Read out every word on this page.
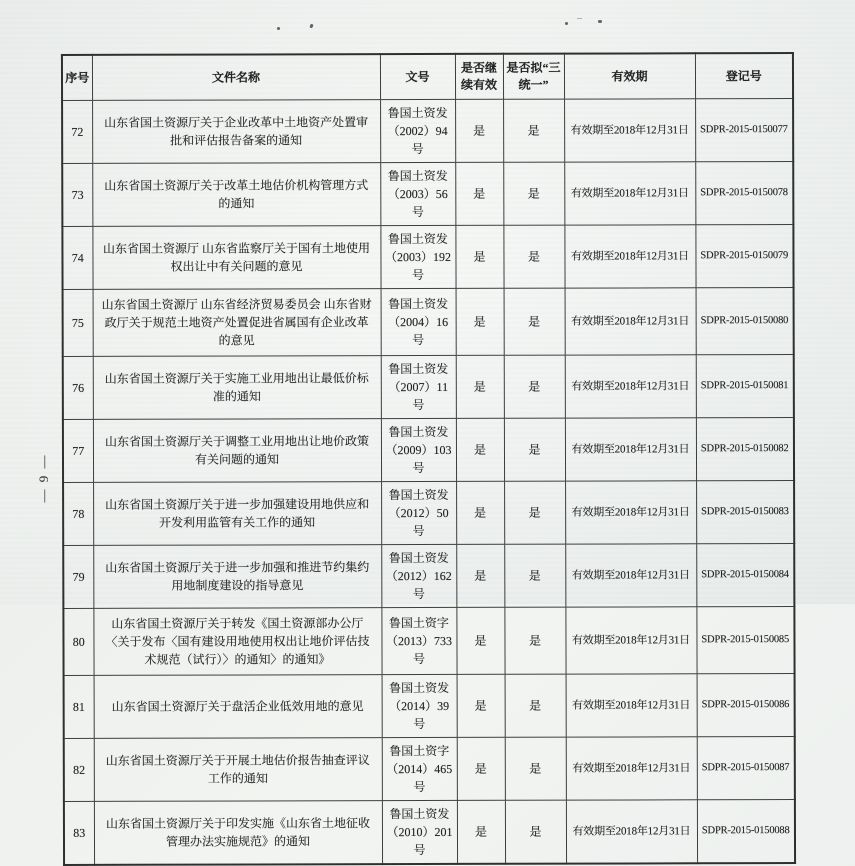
— 9 —
序号	文件名称	文号	是否继续有效	是否拟“三统一”	有效期	登记号
72	山东省国土资源厅关于企业改革中土地资产处置审批和评估报告备案的通知	鲁国土资发（2002）94号	是	是	有效期至2018年12月31日	SDPR-2015-0150077
73	山东省国土资源厅关于改革土地估价机构管理方式的通知	鲁国土资发（2003）56号	是	是	有效期至2018年12月31日	SDPR-2015-0150078
74	山东省国土资源厅 山东省监察厅关于国有土地使用权出让中有关问题的意见	鲁国土资发（2003）192号	是	是	有效期至2018年12月31日	SDPR-2015-0150079
75	山东省国土资源厅 山东省经济贸易委员会 山东省财政厅关于规范土地资产处置促进省属国有企业改革的意见	鲁国土资发（2004）16号	是	是	有效期至2018年12月31日	SDPR-2015-0150080
76	山东省国土资源厅关于实施工业用地出让最低价标准的通知	鲁国土资发（2007）11号	是	是	有效期至2018年12月31日	SDPR-2015-0150081
77	山东省国土资源厅关于调整工业用地出让地价政策有关问题的通知	鲁国土资发（2009）103号	是	是	有效期至2018年12月31日	SDPR-2015-0150082
78	山东省国土资源厅关于进一步加强建设用地供应和开发利用监管有关工作的通知	鲁国土资发（2012）50号	是	是	有效期至2018年12月31日	SDPR-2015-0150083
79	山东省国土资源厅关于进一步加强和推进节约集约用地制度建设的指导意见	鲁国土资发（2012）162号	是	是	有效期至2018年12月31日	SDPR-2015-0150084
80	山东省国土资源厅关于转发《国土资源部办公厅〈关于发布〈国有建设用地使用权出让地价评估技术规范（试行）〉的通知〉的通知》	鲁国土资字（2013）733号	是	是	有效期至2018年12月31日	SDPR-2015-0150085
81	山东省国土资源厅关于盘活企业低效用地的意见	鲁国土资发（2014）39号	是	是	有效期至2018年12月31日	SDPR-2015-0150086
82	山东省国土资源厅关于开展土地估价报告抽查评议工作的通知	鲁国土资字（2014）465号	是	是	有效期至2018年12月31日	SDPR-2015-0150087
83	山东省国土资源厅关于印发实施《山东省土地征收管理办法实施规范》的通知	鲁国土资发（2010）201号	是	是	有效期至2018年12月31日	SDPR-2015-0150088
